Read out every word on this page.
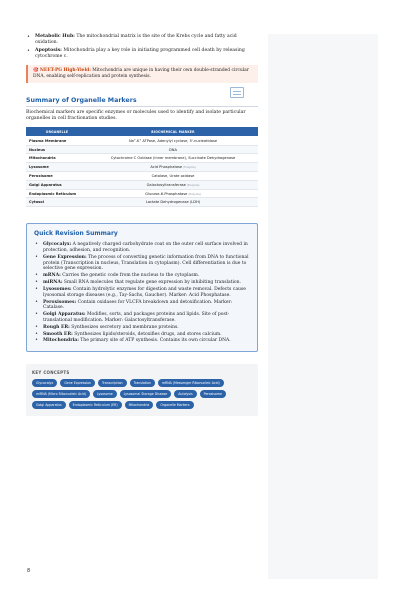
• Metabolic Hub: The mitochondrial matrix is the site of the Krebs cycle and fatty acid oxidation.
• Apoptosis: Mitochondria play a key role in initiating programmed cell death by releasing cytochrome c.
🎯 NEET-PG High-Yield: Mitochondria are unique in having their own double-stranded circular DNA, enabling self-replication and protein synthesis.
Summary of Organelle Markers

Biochemical markers are specific enzymes or molecules used to identify and isolate particular organelles in cell fractionation studies.

ORGANELLE	BIOCHEMICAL MARKER
Plasma Membrane	Na⁺-K⁺ ATPase, Adenylyl cyclase, 5'-nucleotidase
Nucleus	DNA
Mitochondria	Cytochrome C Oxidase (Inner membrane), Succinate Dehydrogenase
Lysosome	Acid Phosphatase (Enzyme)
Peroxisome	Catalase, Urate oxidase
Golgi Apparatus	Galactosyltransferase (Enzyme)
Endoplasmic Reticulum	Glucose-6-Phosphatase (Enzyme)
Cytosol	Lactate Dehydrogenase (LDH)
Quick Revision Summary
• Glycocalyx: A negatively charged carbohydrate coat on the outer cell surface involved in protection, adhesion, and recognition.
• Gene Expression: The process of converting genetic information from DNA to functional protein (Transcription in nucleus, Translation in cytoplasm). Cell differentiation is due to selective gene expression.
• mRNA: Carries the genetic code from the nucleus to the cytoplasm.
• miRNA: Small RNA molecules that regulate gene expression by inhibiting translation.
• Lysosomes: Contain hydrolytic enzymes for digestion and waste removal. Defects cause lysosomal storage diseases (e.g., Tay-Sachs, Gaucher). Marker: Acid Phosphatase.
• Peroxisomes: Contain oxidases for VLCFA breakdown and detoxification. Marker: Catalase.
• Golgi Apparatus: Modifies, sorts, and packages proteins and lipids. Site of post-translational modification. Marker: Galactosyltransferase.
• Rough ER: Synthesizes secretory and membrane proteins.
• Smooth ER: Synthesizes lipids/steroids, detoxifies drugs, and stores calcium.
• Mitochondria: The primary site of ATP synthesis. Contains its own circular DNA.
KEY CONCEPTS
Glycocalyx	Gene Expression	Transcription	Translation	mRNA (Messenger Ribonucleic Acid)
miRNA (Micro Ribonucleic Acid)	Lysosome	Lysosomal Storage Disease	Autolysis	Peroxisome
Golgi Apparatus	Endoplasmic Reticulum (ER)	Mitochondria	Organelle Markers
8
